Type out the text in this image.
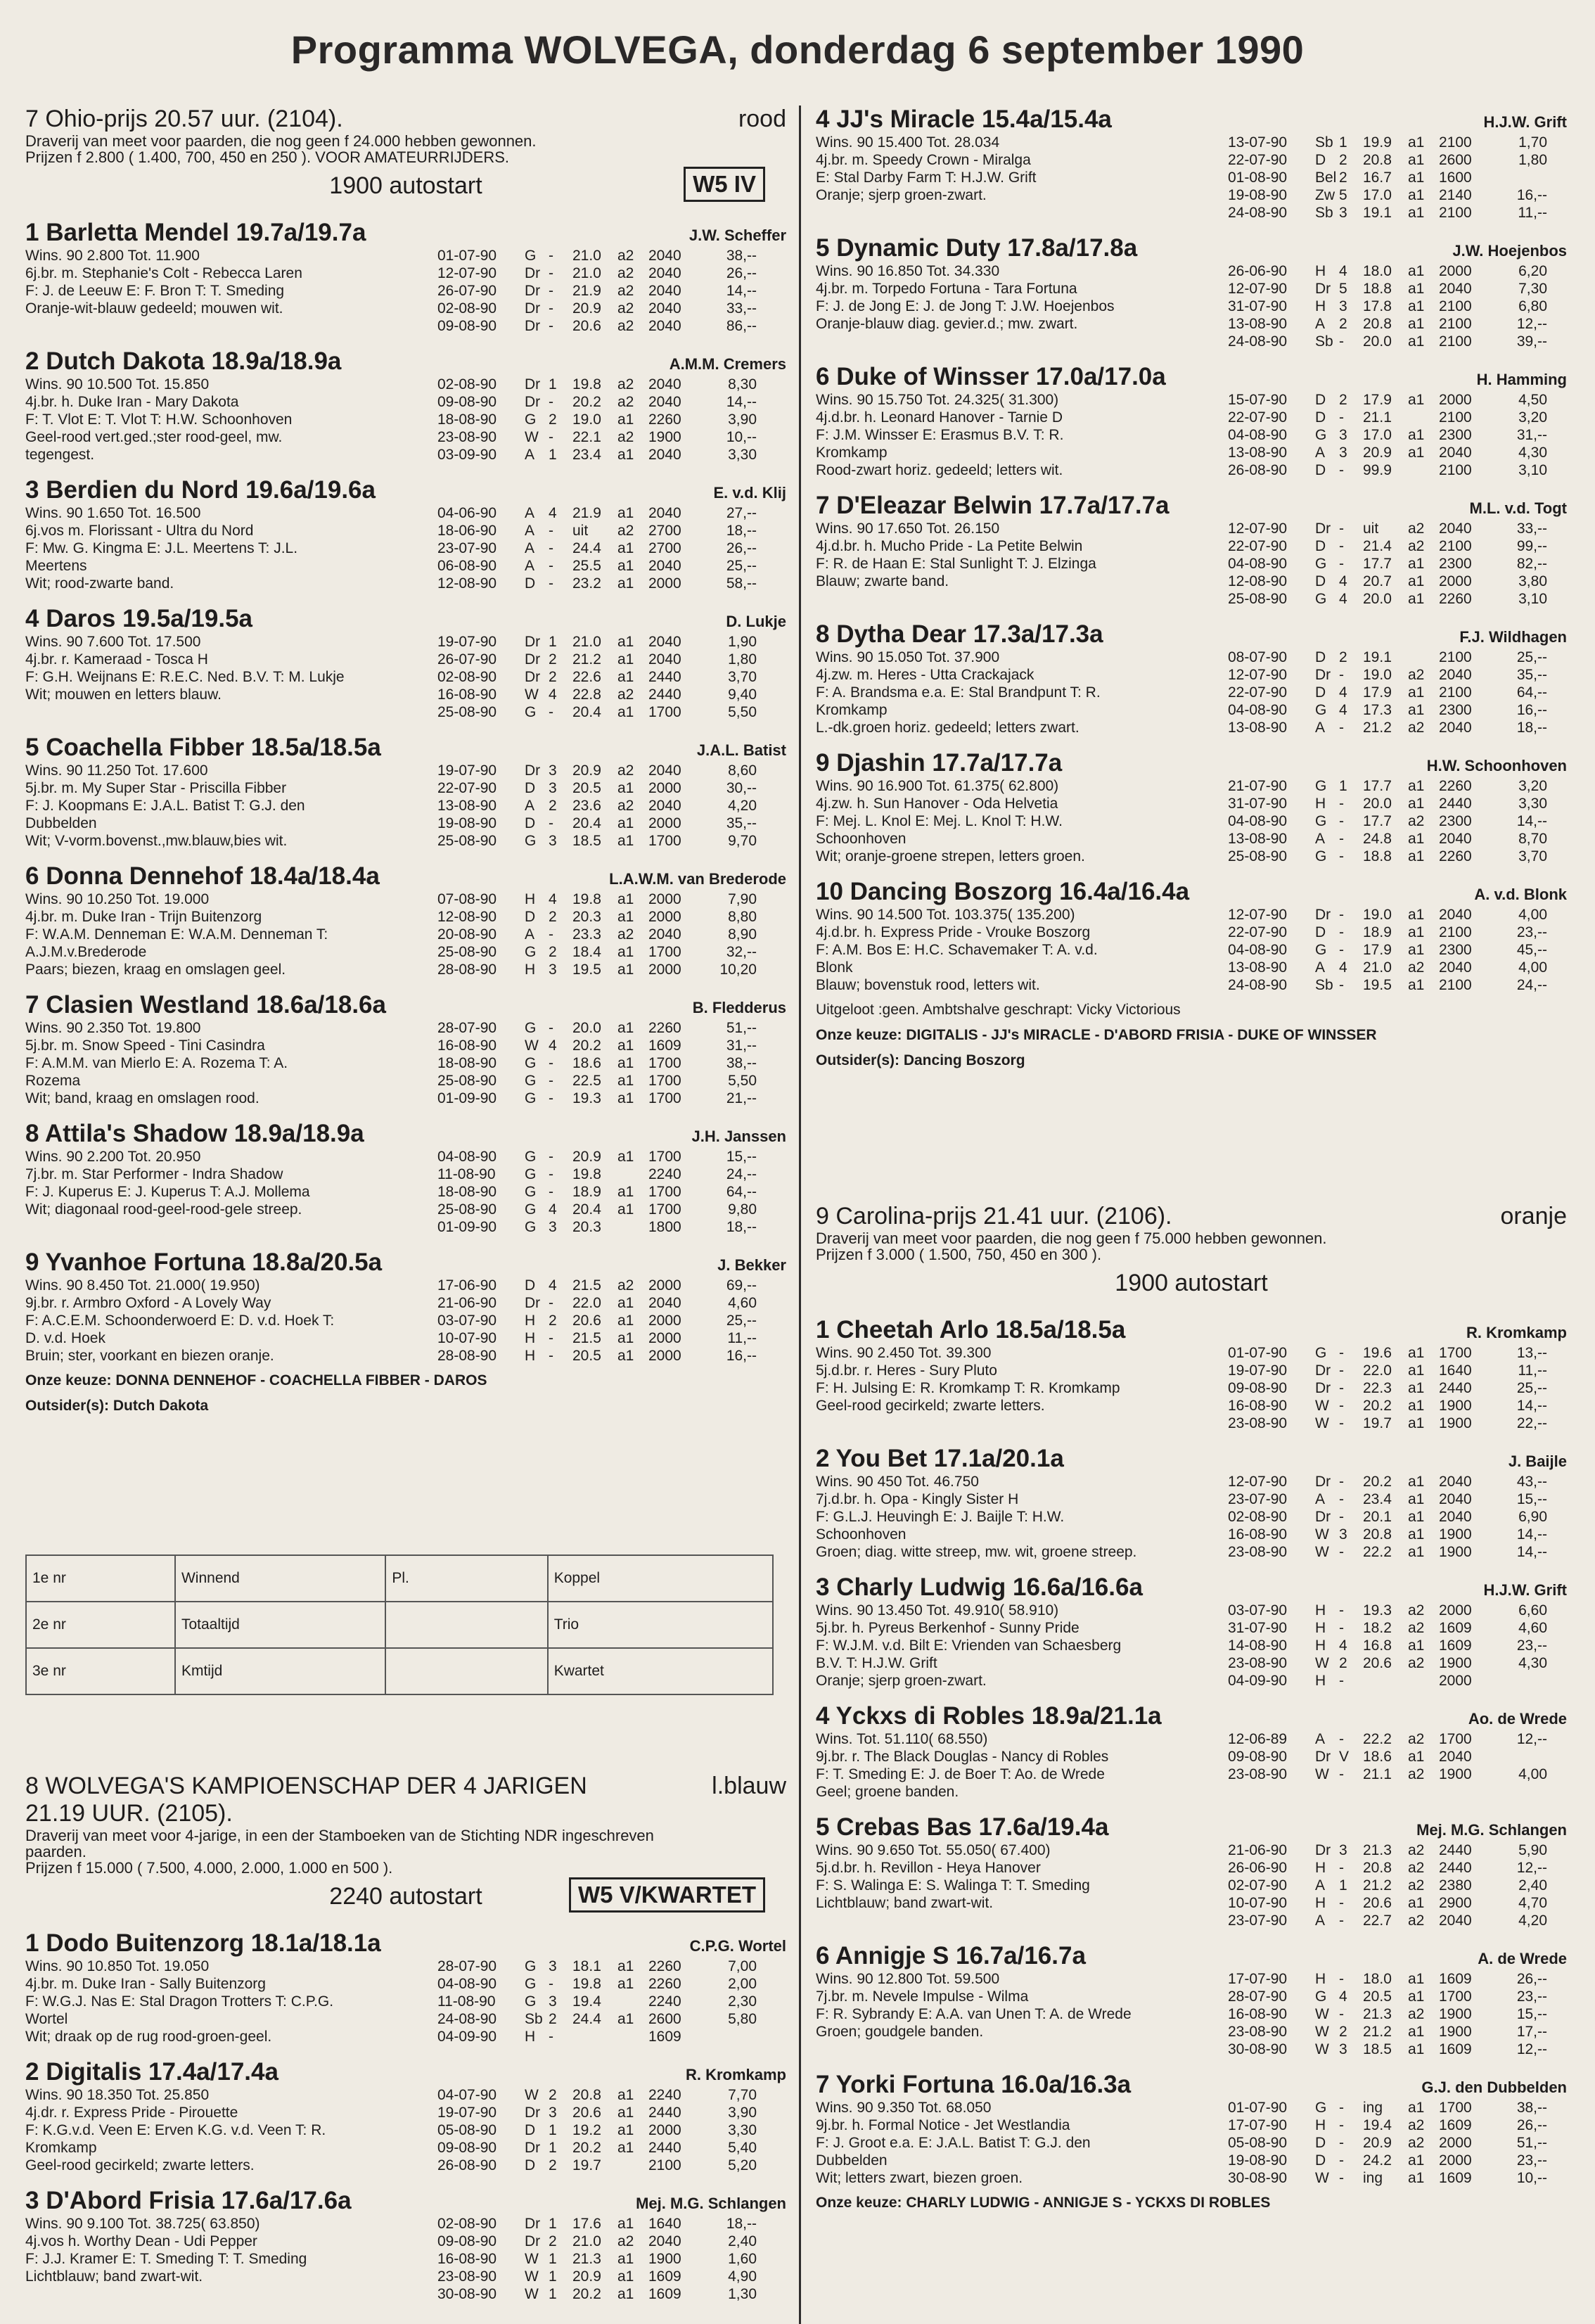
Programma WOLVEGA, donderdag 6 september 1990
7 Ohio-prijs 20.57 uur. (2104).	rood
Draverij van meet voor paarden, die nog geen f 24.000 hebben gewonnen.
Prijzen f 2.800 ( 1.400, 700, 450 en 250 ). VOOR AMATEURRIJDERS.
1900 autostart	W5 IV
1 Barletta Mendel 19.7a/19.7a	J.W. Scheffer
Wins. 90 2.800 Tot. 11.900
6j.br. m. Stephanie's Colt - Rebecca Laren
F: J. de Leeuw E: F. Bron T: T. Smeding
Oranje-wit-blauw gedeeld; mouwen wit.
01-07-90	G -	21.0	a2 2040	38,--
12-07-90	Dr -	21.0	a2 2040	26,--
26-07-90	Dr -	21.9	a2 2040	14,--
02-08-90	Dr -	20.9	a2 2040	33,--
09-08-90	Dr -	20.6	a2 2040	86,--
2 Dutch Dakota 18.9a/18.9a	A.M.M. Cremers
Wins. 90 10.500 Tot. 15.850
4j.br. h. Duke Iran - Mary Dakota
F: T. Vlot E: T. Vlot T: H.W. Schoonhoven
Geel-rood vert.ged.;ster rood-geel, mw.
tegengest.
02-08-90	Dr 1	19.8	a2 2040	8,30
09-08-90	Dr -	20.2	a2 2040	14,--
18-08-90	G 2	19.0	a1 2260	3,90
23-08-90	W -	22.1	a2 1900	10,--
03-09-90	A 1	23.4	a1 2040	3,30
3 Berdien du Nord 19.6a/19.6a	E. v.d. Klij
Wins. 90 1.650 Tot. 16.500
6j.vos m. Florissant - Ultra du Nord
F: Mw. G. Kingma E: J.L. Meertens T: J.L.
Meertens
Wit; rood-zwarte band.
04-06-90	A 4	21.9	a1 2040	27,--
18-06-90	A -	uit	a2 2700	18,--
23-07-90	A -	24.4	a1 2700	26,--
06-08-90	A -	25.5	a1 2040	25,--
12-08-90	D -	23.2	a1 2000	58,--
4 Daros 19.5a/19.5a	D. Lukje
Wins. 90 7.600 Tot. 17.500
4j.br. r. Kameraad - Tosca H
F: G.H. Weijnans E: R.E.C. Ned. B.V. T: M. Lukje
Wit; mouwen en letters blauw.
19-07-90	Dr 1	21.0	a1 2040	1,90
26-07-90	Dr 2	21.2	a1 2040	1,80
02-08-90	Dr 2	22.6	a1 2440	3,70
16-08-90	W 4	22.8	a2 2440	9,40
25-08-90	G -	20.4	a1 1700	5,50
5 Coachella Fibber 18.5a/18.5a	J.A.L. Batist
Wins. 90 11.250 Tot. 17.600
5j.br. m. My Super Star - Priscilla Fibber
F: J. Koopmans E: J.A.L. Batist T: G.J. den
Dubbelden
Wit; V-vorm.bovenst.,mw.blauw,bies wit.
19-07-90	Dr 3	20.9	a2 2040	8,60
22-07-90	D 3	20.5	a1 2000	30,--
13-08-90	A 2	23.6	a2 2040	4,20
19-08-90	D -	20.4	a1 2000	35,--
25-08-90	G 3	18.5	a1 1700	9,70
6 Donna Dennehof 18.4a/18.4a	L.A.W.M. van Brederode
Wins. 90 10.250 Tot. 19.000
4j.br. m. Duke Iran - Trijn Buitenzorg
F: W.A.M. Denneman E: W.A.M. Denneman T:
A.J.M.v.Brederode
Paars; biezen, kraag en omslagen geel.
07-08-90	H 4	19.8	a1 2000	7,90
12-08-90	D 2	20.3	a1 2000	8,80
20-08-90	A -	23.3	a2 2040	8,90
25-08-90	G 2	18.4	a1 1700	32,--
28-08-90	H 3	19.5	a1 2000	10,20
7 Clasien Westland 18.6a/18.6a	B. Fledderus
Wins. 90 2.350 Tot. 19.800
5j.br. m. Snow Speed - Tini Casindra
F: A.M.M. van Mierlo E: A. Rozema T: A.
Rozema
Wit; band, kraag en omslagen rood.
28-07-90	G -	20.0	a1 2260	51,--
16-08-90	W 4	20.2	a1 1609	31,--
18-08-90	G -	18.6	a1 1700	38,--
25-08-90	G -	22.5	a1 1700	5,50
01-09-90	G -	19.3	a1 1700	21,--
8 Attila's Shadow 18.9a/18.9a	J.H. Janssen
Wins. 90 2.200 Tot. 20.950
7j.br. m. Star Performer - Indra Shadow
F: J. Kuperus E: J. Kuperus T: A.J. Mollema
Wit; diagonaal rood-geel-rood-gele streep.
04-08-90	G -	20.9	a1 1700	15,--
11-08-90	G -	19.8	2240	24,--
18-08-90	G -	18.9	a1 1700	64,--
25-08-90	G 4	20.4	a1 1700	9,80
01-09-90	G 3	20.3	1800	18,--
9 Yvanhoe Fortuna 18.8a/20.5a	J. Bekker
Wins. 90 8.450 Tot. 21.000( 19.950)
9j.br. r. Armbro Oxford - A Lovely Way
F: A.C.E.M. Schoonderwoerd E: D. v.d. Hoek T:
D. v.d. Hoek
Bruin; ster, voorkant en biezen oranje.
17-06-90	D 4	21.5	a2 2000	69,--
21-06-90	Dr -	22.0	a1 2040	4,60
03-07-90	H 2	20.6	a1 2000	25,--
10-07-90	H -	21.5	a1 2000	11,--
28-08-90	H -	20.5	a1 2000	16,--
Onze keuze: DONNA DENNEHOF - COACHELLA FIBBER - DAROS
Outsider(s): Dutch Dakota
1e nr	Winnend	Pl.	Koppel
2e nr	Totaaltijd		Trio
3e nr	Kmtijd		Kwartet
8 WOLVEGA'S KAMPIOENSCHAP DER 4 JARIGEN	l.blauw
21.19 UUR. (2105).
Draverij van meet voor 4-jarige, in een der Stamboeken van de Stichting NDR ingeschreven
paarden.
Prijzen f 15.000 ( 7.500, 4.000, 2.000, 1.000 en 500 ).
2240 autostart	W5 V/KWARTET
1 Dodo Buitenzorg 18.1a/18.1a	C.P.G. Wortel
Wins. 90 10.850 Tot. 19.050
4j.br. m. Duke Iran - Sally Buitenzorg
F: W.G.J. Nas E: Stal Dragon Trotters T: C.P.G.
Wortel
Wit; draak op de rug rood-groen-geel.
28-07-90	G 3	18.1	a1 2260	7,00
04-08-90	G -	19.8	a1 2260	2,00
11-08-90	G 3	19.4	2240	2,30
24-08-90	Sb 2	24.4	a1 2600	5,80
04-09-90	H -	1609
2 Digitalis 17.4a/17.4a	R. Kromkamp
Wins. 90 18.350 Tot. 25.850
4j.dr. r. Express Pride - Pirouette
F: K.G.v.d. Veen E: Erven K.G. v.d. Veen T: R.
Kromkamp
Geel-rood gecirkeld; zwarte letters.
04-07-90	W 2	20.8	a1 2240	7,70
19-07-90	Dr 3	20.6	a1 2440	3,90
05-08-90	D 1	19.2	a1 2000	3,30
09-08-90	Dr 1	20.2	a1 2440	5,40
26-08-90	D 2	19.7	2100	5,20
3 D'Abord Frisia 17.6a/17.6a	Mej. M.G. Schlangen
Wins. 90 9.100 Tot. 38.725( 63.850)
4j.vos h. Worthy Dean - Udi Pepper
F: J.J. Kramer E: T. Smeding T: T. Smeding
Lichtblauw; band zwart-wit.
02-08-90	Dr 1	17.6	a1 1640	18,--
09-08-90	Dr 2	21.0	a2 2040	2,40
16-08-90	W 1	21.3	a1 1900	1,60
23-08-90	W 1	20.9	a1 1609	4,90
30-08-90	W 1	20.2	a1 1609	1,30
4 JJ's Miracle 15.4a/15.4a	H.J.W. Grift
Wins. 90 15.400 Tot. 28.034
4j.br. m. Speedy Crown - Miralga
E: Stal Darby Farm T: H.J.W. Grift
Oranje; sjerp groen-zwart.
13-07-90	Sb 1	19.9	a1 2100	1,70
22-07-90	D 2	20.8	a1 2600	1,80
01-08-90	Bel 2	16.7	a1 1600
19-08-90	Zw 5	17.0	a1 2140	16,--
24-08-90	Sb 3	19.1	a1 2100	11,--
5 Dynamic Duty 17.8a/17.8a	J.W. Hoejenbos
Wins. 90 16.850 Tot. 34.330
4j.br. m. Torpedo Fortuna - Tara Fortuna
F: J. de Jong E: J. de Jong T: J.W. Hoejenbos
Oranje-blauw diag. gevier.d.; mw. zwart.
26-06-90	H 4	18.0	a1 2000	6,20
12-07-90	Dr 5	18.8	a1 2040	7,30
31-07-90	H 3	17.8	a1 2100	6,80
13-08-90	A 2	20.8	a1 2100	12,--
24-08-90	Sb -	20.0	a1 2100	39,--
6 Duke of Winsser 17.0a/17.0a	H. Hamming
Wins. 90 15.750 Tot. 24.325( 31.300)
4j.d.br. h. Leonard Hanover - Tarnie D
F: J.M. Winsser E: Erasmus B.V. T: R.
Kromkamp
Rood-zwart horiz. gedeeld; letters wit.
15-07-90	D 2	17.9	a1 2000	4,50
22-07-90	D -	21.1	2100	3,20
04-08-90	G 3	17.0	a1 2300	31,--
13-08-90	A 3	20.9	a1 2040	4,30
26-08-90	D -	99.9	2100	3,10
7 D'Eleazar Belwin 17.7a/17.7a	M.L. v.d. Togt
Wins. 90 17.650 Tot. 26.150
4j.d.br. h. Mucho Pride - La Petite Belwin
F: R. de Haan E: Stal Sunlight T: J. Elzinga
Blauw; zwarte band.
12-07-90	Dr -	uit	a2 2040	33,--
22-07-90	D -	21.4	a2 2100	99,--
04-08-90	G -	17.7	a1 2300	82,--
12-08-90	D 4	20.7	a1 2000	3,80
25-08-90	G 4	20.0	a1 2260	3,10
8 Dytha Dear 17.3a/17.3a	F.J. Wildhagen
Wins. 90 15.050 Tot. 37.900
4j.zw. m. Heres - Utta Crackajack
F: A. Brandsma e.a. E: Stal Brandpunt T: R.
Kromkamp
L.-dk.groen horiz. gedeeld; letters zwart.
08-07-90	D 2	19.1	2100	25,--
12-07-90	Dr -	19.0	a2 2040	35,--
22-07-90	D 4	17.9	a1 2100	64,--
04-08-90	G 4	17.3	a1 2300	16,--
13-08-90	A -	21.2	a2 2040	18,--
9 Djashin 17.7a/17.7a	H.W. Schoonhoven
Wins. 90 16.900 Tot. 61.375( 62.800)
4j.zw. h. Sun Hanover - Oda Helvetia
F: Mej. L. Knol E: Mej. L. Knol T: H.W.
Schoonhoven
Wit; oranje-groene strepen, letters groen.
21-07-90	G 1	17.7	a1 2260	3,20
31-07-90	H -	20.0	a1 2440	3,30
04-08-90	G -	17.7	a2 2300	14,--
13-08-90	A -	24.8	a1 2040	8,70
25-08-90	G -	18.8	a1 2260	3,70
10 Dancing Boszorg 16.4a/16.4a	A. v.d. Blonk
Wins. 90 14.500 Tot. 103.375( 135.200)
4j.d.br. h. Express Pride - Vrouke Boszorg
F: A.M. Bos E: H.C. Schavemaker T: A. v.d.
Blonk
Blauw; bovenstuk rood, letters wit.
12-07-90	Dr -	19.0	a1 2040	4,00
22-07-90	D -	18.9	a1 2100	23,--
04-08-90	G -	17.9	a1 2300	45,--
13-08-90	A 4	21.0	a2 2040	4,00
24-08-90	Sb -	19.5	a1 2100	24,--
Uitgeloot :geen. Ambtshalve geschrapt: Vicky Victorious
Onze keuze: DIGITALIS - JJ's MIRACLE - D'ABORD FRISIA - DUKE OF WINSSER
Outsider(s): Dancing Boszorg
9 Carolina-prijs 21.41 uur. (2106).	oranje
Draverij van meet voor paarden, die nog geen f 75.000 hebben gewonnen.
Prijzen f 3.000 ( 1.500, 750, 450 en 300 ).
1900 autostart
1 Cheetah Arlo 18.5a/18.5a	R. Kromkamp
Wins. 90 2.450 Tot. 39.300
5j.d.br. r. Heres - Sury Pluto
F: H. Julsing E: R. Kromkamp T: R. Kromkamp
Geel-rood gecirkeld; zwarte letters.
01-07-90	G -	19.6	a1 1700	13,--
19-07-90	Dr -	22.0	a1 1640	11,--
09-08-90	Dr -	22.3	a1 2440	25,--
16-08-90	W -	20.2	a1 1900	14,--
23-08-90	W -	19.7	a1 1900	22,--
2 You Bet 17.1a/20.1a	J. Baijle
Wins. 90 450 Tot. 46.750
7j.d.br. h. Opa - Kingly Sister H
F: G.L.J. Heuvingh E: J. Baijle T: H.W.
Schoonhoven
Groen; diag. witte streep, mw. wit, groene streep.
12-07-90	Dr -	20.2	a1 2040	43,--
23-07-90	A -	23.4	a1 2040	15,--
02-08-90	Dr -	20.1	a1 2040	6,90
16-08-90	W 3	20.8	a1 1900	14,--
23-08-90	W -	22.2	a1 1900	14,--
3 Charly Ludwig 16.6a/16.6a	H.J.W. Grift
Wins. 90 13.450 Tot. 49.910( 58.910)
5j.br. h. Pyreus Berkenhof - Sunny Pride
F: W.J.M. v.d. Bilt E: Vrienden van Schaesberg
B.V. T: H.J.W. Grift
Oranje; sjerp groen-zwart.
03-07-90	H -	19.3	a2 2000	6,60
31-07-90	H -	18.2	a2 1609	4,60
14-08-90	H 4	16.8	a1 1609	23,--
23-08-90	W 2	20.6	a2 1900	4,30
04-09-90	H -	2000
4 Yckxs di Robles 18.9a/21.1a	Ao. de Wrede
Wins. Tot. 51.110( 68.550)
9j.br. r. The Black Douglas - Nancy di Robles
F: T. Smeding E: J. de Boer T: Ao. de Wrede
Geel; groene banden.
12-06-89	A -	22.2	a2 1700	12,--
09-08-90	Dr V 18.6	a1 2040
23-08-90	W -	21.1	a2 1900	4,00
5 Crebas Bas 17.6a/19.4a	Mej. M.G. Schlangen
Wins. 90 9.650 Tot. 55.050( 67.400)
5j.d.br. h. Revillon - Heya Hanover
F: S. Walinga E: S. Walinga T: T. Smeding
Lichtblauw; band zwart-wit.
21-06-90	Dr 3	21.3	a2 2440	5,90
26-06-90	H -	20.8	a2 2440	12,--
02-07-90	A 1	21.2	a2 2380	2,40
10-07-90	H -	20.6	a1 2900	4,70
23-07-90	A -	22.7	a2 2040	4,20
6 Annigje S 16.7a/16.7a	A. de Wrede
Wins. 90 12.800 Tot. 59.500
7j.br. m. Nevele Impulse - Wilma
F: R. Sybrandy E: A.A. van Unen T: A. de Wrede
Groen; goudgele banden.
17-07-90	H -	18.0	a1 1609	26,--
28-07-90	G 4	20.5	a1 1700	23,--
16-08-90	W -	21.3	a2 1900	15,--
23-08-90	W 2	21.2	a1 1900	17,--
30-08-90	W 3	18.5	a1 1609	12,--
7 Yorki Fortuna 16.0a/16.3a	G.J. den Dubbelden
Wins. 90 9.350 Tot. 68.050
9j.br. h. Formal Notice - Jet Westlandia
F: J. Groot e.a. E: J.A.L. Batist T: G.J. den
Dubbelden
Wit; letters zwart, biezen groen.
01-07-90	G -	ing	a1 1700	38,--
17-07-90	H -	19.4	a2 1609	26,--
05-08-90	D -	20.9	a2 2000	51,--
19-08-90	D -	24.2	a1 2000	23,--
30-08-90	W -	ing	a1 1609	10,--
Onze keuze: CHARLY LUDWIG - ANNIGJE S - YCKXS DI ROBLES
